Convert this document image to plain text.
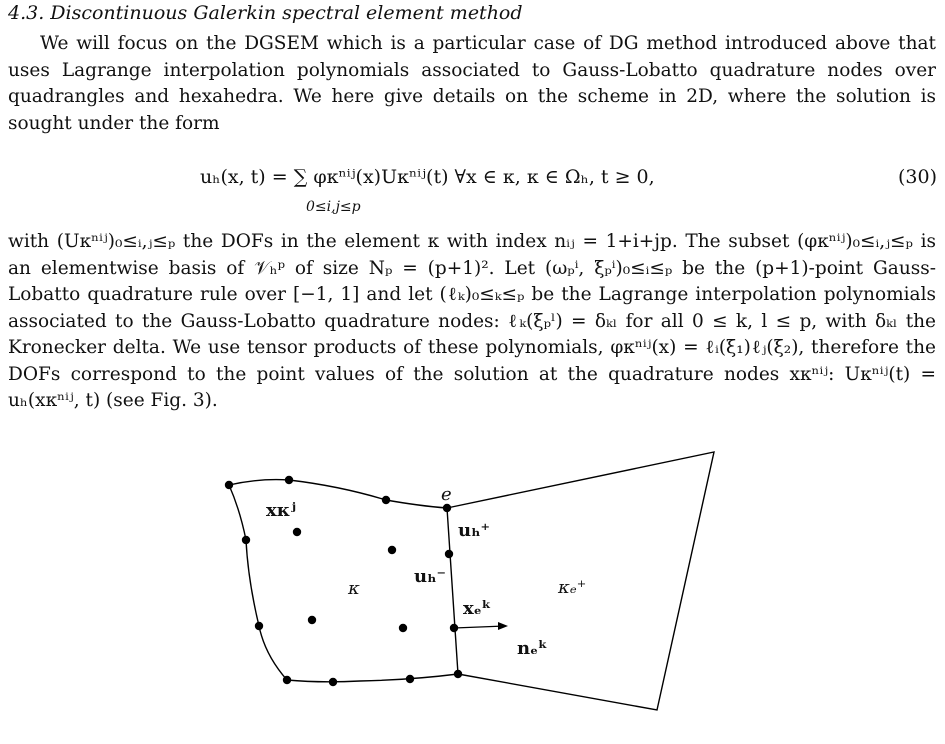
4.3. Discontinuous Galerkin spectral element method

We will focus on the DGSEM which is a particular case of DG method introduced above that uses Lagrange interpolation polynomials associated to Gauss-Lobatto quadrature nodes over quadrangles and hexahedra. We here give details on the scheme in 2D, where the solution is sought under the form

uₕ(x, t) = ∑ φκⁿⁱʲ(x)Uκⁿⁱʲ(t) ∀x ∈ κ, κ ∈ Ωₕ, t ≥ 0,
0≤i,j≤p
(30)

with (Uκⁿⁱʲ)₀≤ᵢ,ⱼ≤ₚ the DOFs in the element κ with index nᵢⱼ = 1+i+jp. The subset (φκⁿⁱʲ)₀≤ᵢ,ⱼ≤ₚ is an elementwise basis of 𝒱ₕᵖ of size Nₚ = (p+1)². Let (ωₚⁱ, ξₚⁱ)₀≤ᵢ≤ₚ be the (p+1)-point Gauss-Lobatto quadrature rule over [−1, 1] and let (ℓₖ)₀≤ₖ≤ₚ be the Lagrange interpolation polynomials associated to the Gauss-Lobatto quadrature nodes: ℓₖ(ξₚˡ) = δₖₗ for all 0 ≤ k, l ≤ p, with δₖₗ the Kronecker delta. We use tensor products of these polynomials, φκⁿⁱʲ(x) = ℓᵢ(ξ₁)ℓⱼ(ξ₂), therefore the DOFs correspond to the point values of the solution at the quadrature nodes xκⁿⁱʲ: Uκⁿⁱʲ(t) = uₕ(xκⁿⁱʲ, t) (see Fig. 3).

xκʲ
e
uₕ⁺
uₕ⁻
κ	κₑ⁺
xₑᵏ
nₑᵏ
